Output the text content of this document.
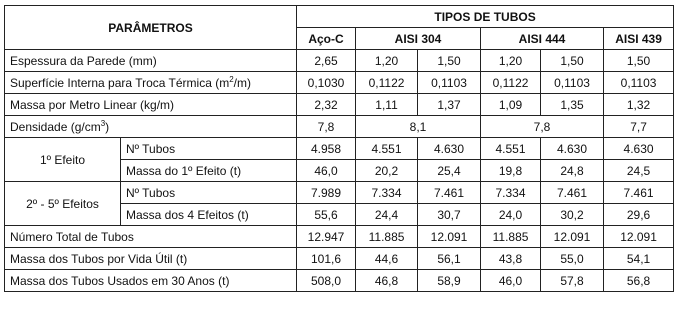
PARÂMETROS		TIPOS DE TUBOS					
		Aço-C	AISI 304		AISI 444		AISI 439
Espessura da Parede (mm)		2,65	1,20	1,50	1,20	1,50	1,50
Superfície Interna para Troca Térmica $(m^2/m)$		0,1030	0,1122	0,1103	0,1122	0,1103	0,1103
Massa por Metro Linear (kg/m)		2,32	1,11	1,37	1,09	1,35	1,32
Densidade $(g/cm^3)$		7,8	8,1		7,8		7,7
1º Efeito	Nº Tubos	4.958	4.551	4.630	4.551	4.630	4.630
	Massa do 1º Efeito (t)	46,0	20,2	25,4	19,8	24,8	24,5
2º - 5º Efeitos	Nº Tubos	7.989	7.334	7.461	7.334	7.461	7.461
	Massa dos 4 Efeitos (t)	55,6	24,4	30,7	24,0	30,2	29,6
Número Total de Tubos		12.947	11.885	12.091	11.885	12.091	12.091
Massa dos Tubos por Vida Útil (t)		101,6	44,6	56,1	43,8	55,0	54,1
Massa dos Tubos Usados em 30 Anos (t)		508,0	46,8	58,9	46,0	57,8	56,8
